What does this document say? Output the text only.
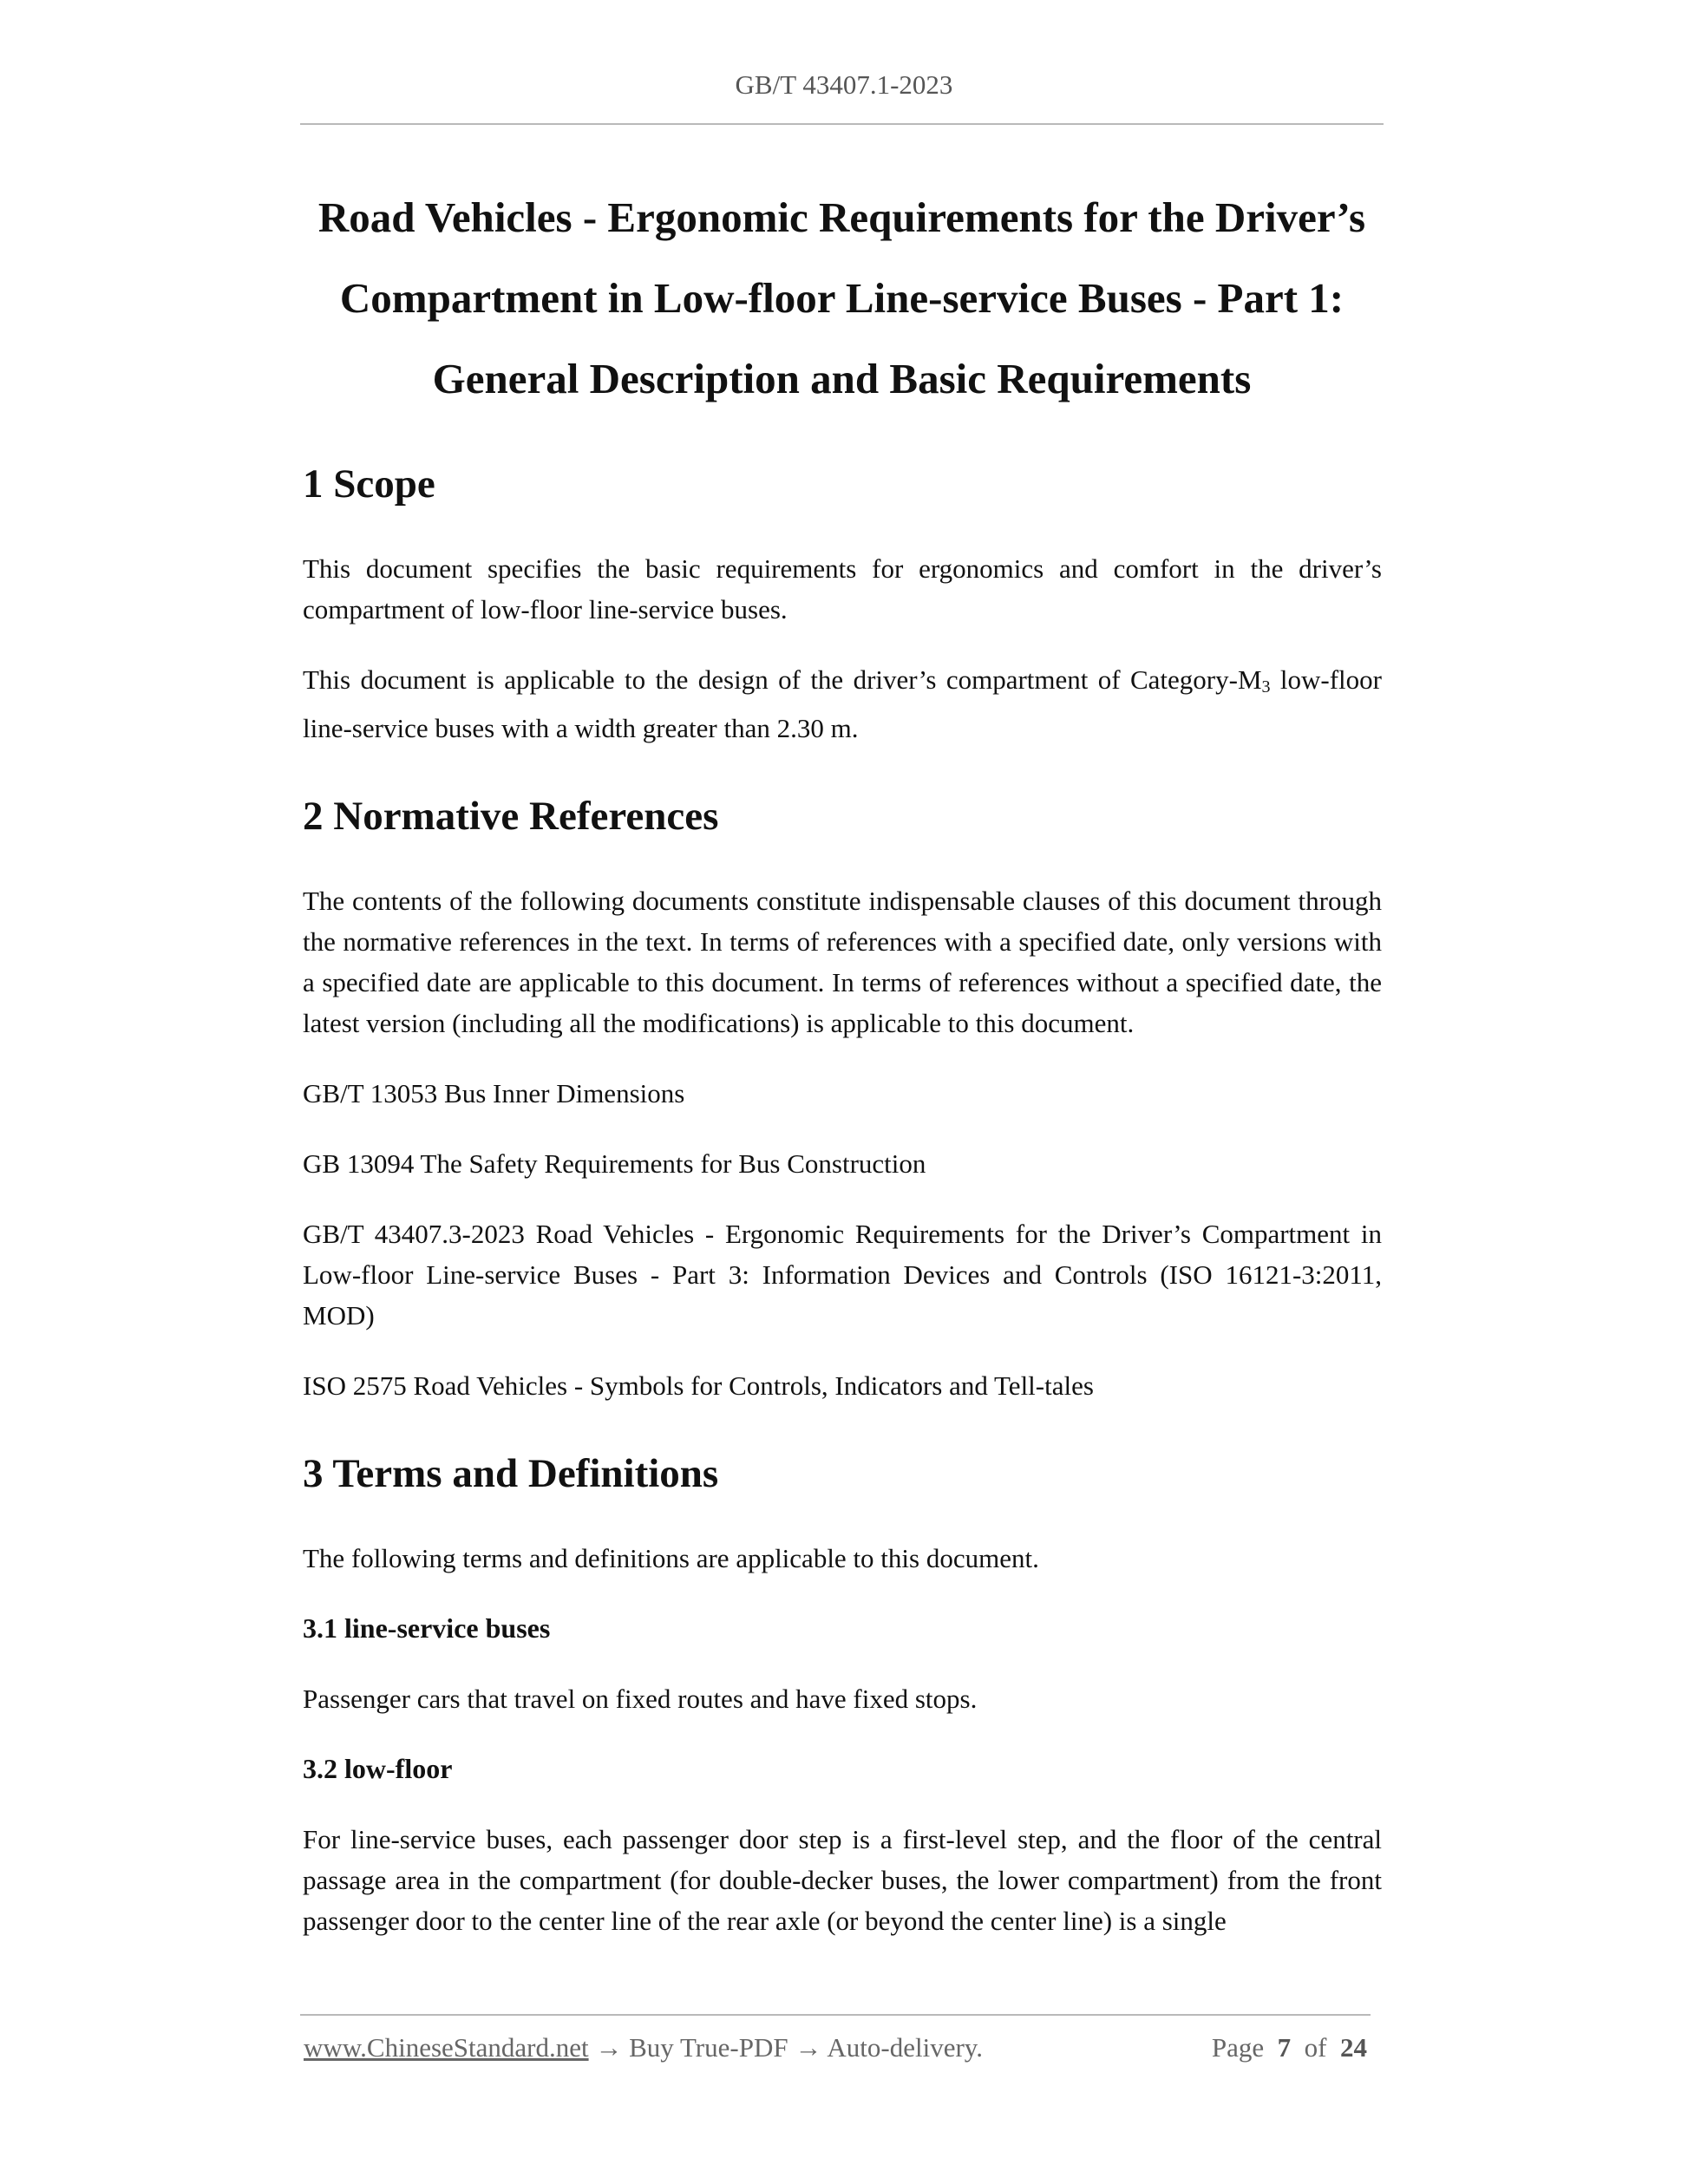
GB/T 43407.1-2023
Road Vehicles - Ergonomic Requirements for the Driver’s
Compartment in Low-floor Line-service Buses - Part 1:
General Description and Basic Requirements
1 Scope

This document specifies the basic requirements for ergonomics and comfort in the driver’s compartment of low-floor line-service buses.

This document is applicable to the design of the driver’s compartment of Category-$M_3$ low-floor line-service buses with a width greater than 2.30 m.

2 Normative References

The contents of the following documents constitute indispensable clauses of this document through the normative references in the text. In terms of references with a specified date, only versions with a specified date are applicable to this document. In terms of references without a specified date, the latest version (including all the modifications) is applicable to this document.

GB/T 13053 Bus Inner Dimensions

GB 13094 The Safety Requirements for Bus Construction

GB/T 43407.3-2023 Road Vehicles - Ergonomic Requirements for the Driver’s Compartment in Low-floor Line-service Buses - Part 3: Information Devices and Controls (ISO 16121-3:2011, MOD)

ISO 2575 Road Vehicles - Symbols for Controls, Indicators and Tell-tales

3 Terms and Definitions

The following terms and definitions are applicable to this document.

3.1 line-service buses

Passenger cars that travel on fixed routes and have fixed stops.

3.2 low-floor

For line-service buses, each passenger door step is a first-level step, and the floor of the central passage area in the compartment (for double-decker buses, the lower compartment) from the front passenger door to the center line of the rear axle (or beyond the center line) is a single

www.ChineseStandard.net → Buy True-PDF → Auto-delivery.	Page 7 of 24
